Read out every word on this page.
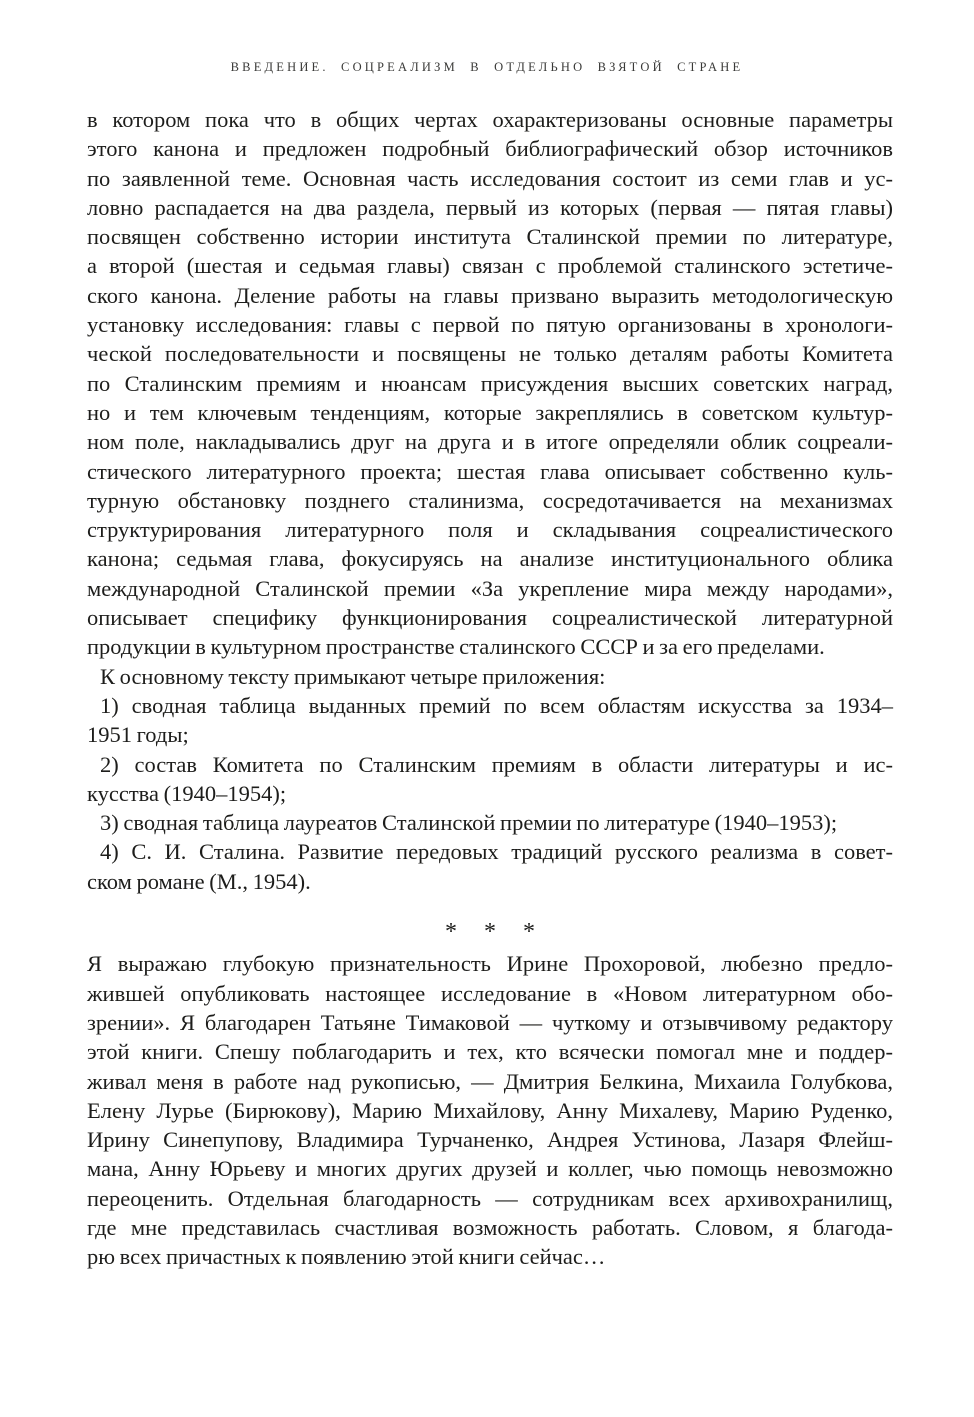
ВВЕДЕНИЕ. СОЦРЕАЛИЗМ В ОТДЕЛЬНО ВЗЯТОЙ СТРАНЕ
в котором пока что в общих чертах охарактеризованы основные параметры
этого канона и предложен подробный библиографический обзор источников
по заявленной теме. Основная часть исследования состоит из семи глав и ус-
ловно распадается на два раздела, первый из которых (первая — пятая главы)
посвящен собственно истории института Сталинской премии по литературе,
а второй (шестая и седьмая главы) связан с проблемой сталинского эстетиче-
ского канона. Деление работы на главы призвано выразить методологическую
установку исследования: главы с первой по пятую организованы в хронологи-
ческой последовательности и посвящены не только деталям работы Комитета
по Сталинским премиям и нюансам присуждения высших советских наград,
но и тем ключевым тенденциям, которые закреплялись в советском культур-
ном поле, накладывались друг на друга и в итоге определяли облик соцреали-
стического литературного проекта; шестая глава описывает собственно куль-
турную обстановку позднего сталинизма, сосредотачивается на механизмах
структурирования литературного поля и складывания соцреалистического
канона; седьмая глава, фокусируясь на анализе институционального облика
международной Сталинской премии «За укрепление мира между народами»,
описывает специфику функционирования соцреалистической литературной
продукции в культурном пространстве сталинского СССР и за его пределами.
К основному тексту примыкают четыре приложения:
1) сводная таблица выданных премий по всем областям искусства за 1934–
1951 годы;
2) состав Комитета по Сталинским премиям в области литературы и ис-
кусства (1940–1954);
3) сводная таблица лауреатов Сталинской премии по литературе (1940–1953);
4) С. И. Сталина. Развитие передовых традиций русского реализма в совет-
ском романе (М., 1954).
* * *
Я выражаю глубокую признательность Ирине Прохоровой, любезно предло-
жившей опубликовать настоящее исследование в «Новом литературном обо-
зрении». Я благодарен Татьяне Тимаковой — чуткому и отзывчивому редактору
этой книги. Спешу поблагодарить и тех, кто всячески помогал мне и поддер-
живал меня в работе над рукописью, — Дмитрия Белкина, Михаила Голубкова,
Елену Лурье (Бирюкову), Марию Михайлову, Анну Михалеву, Марию Руденко,
Ирину Синепупову, Владимира Турчаненко, Андрея Устинова, Лазаря Флейш-
мана, Анну Юрьеву и многих других друзей и коллег, чью помощь невозможно
переоценить. Отдельная благодарность — сотрудникам всех архивохранилищ,
где мне представилась счастливая возможность работать. Словом, я благода-
рю всех причастных к появлению этой книги сейчас…
